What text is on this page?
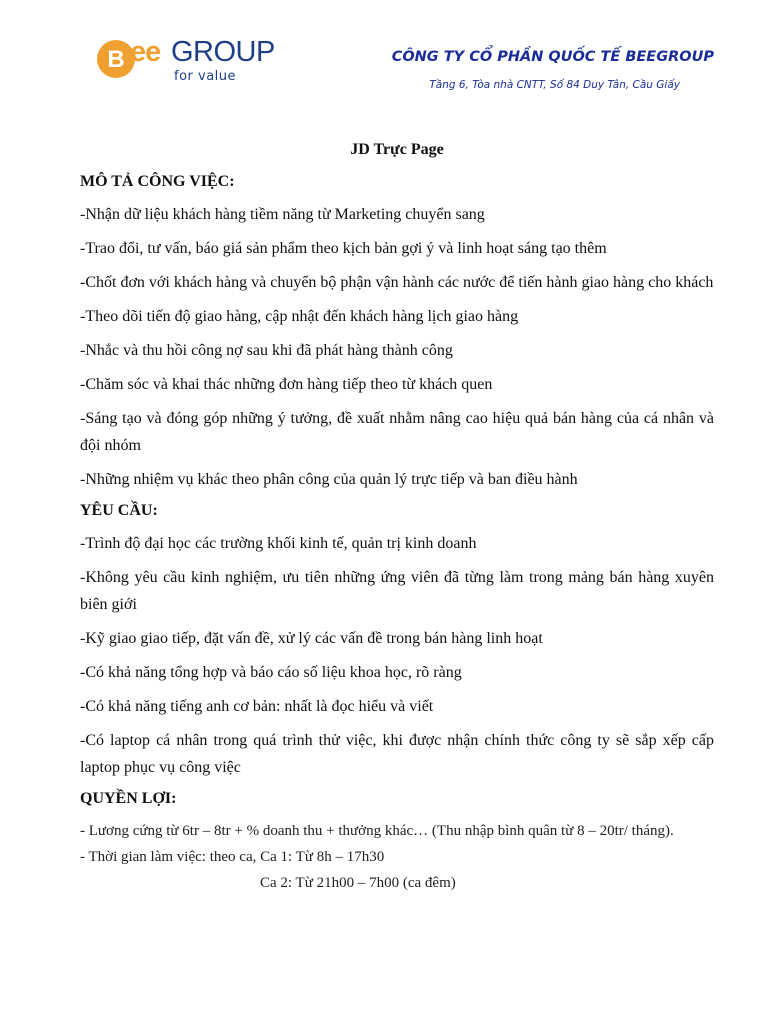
B ee GROUP
for value
CÔNG TY CỔ PHẦN QUỐC TẾ BEEGROUP
Tầng 6, Tòa nhà CNTT, Số 84 Duy Tân, Cầu Giấy

JD Trực Page

MÔ TẢ CÔNG VIỆC:

-Nhận dữ liệu khách hàng tiềm năng từ Marketing chuyển sang

-Trao đổi, tư vấn, báo giá sản phẩm theo kịch bản gợi ý và linh hoạt sáng tạo thêm

-Chốt đơn với khách hàng và chuyển bộ phận vận hành các nước để tiến hành giao hàng cho khách

-Theo dõi tiến độ giao hàng, cập nhật đến khách hàng lịch giao hàng

-Nhắc và thu hồi công nợ sau khi đã phát hàng thành công

-Chăm sóc và khai thác những đơn hàng tiếp theo từ khách quen

-Sáng tạo và đóng góp những ý tưởng, đề xuất nhằm nâng cao hiệu quả bán hàng của cá nhân và đội nhóm

-Những nhiệm vụ khác theo phân công của quản lý trực tiếp và ban điều hành

YÊU CẦU:

-Trình độ đại học các trường khối kinh tế, quản trị kinh doanh

-Không yêu cầu kinh nghiệm, ưu tiên những ứng viên đã từng làm trong mảng bán hàng xuyên biên giới

-Kỹ giao giao tiếp, đặt vấn đề, xử lý các vấn đề trong bán hàng linh hoạt

-Có khả năng tổng hợp và báo cáo số liệu khoa học, rõ ràng

-Có khả năng tiếng anh cơ bản: nhất là đọc hiểu và viết

-Có laptop cá nhân trong quá trình thử việc, khi được nhận chính thức công ty sẽ sắp xếp cấp laptop phục vụ công việc

QUYỀN LỢI:

- Lương cứng từ 6tr – 8tr + % doanh thu + thưởng khác… (Thu nhập bình quân từ 8 – 20tr/ tháng).

- Thời gian làm việc: theo ca, Ca 1: Từ 8h – 17h30

Ca 2: Từ 21h00 – 7h00 (ca đêm)
